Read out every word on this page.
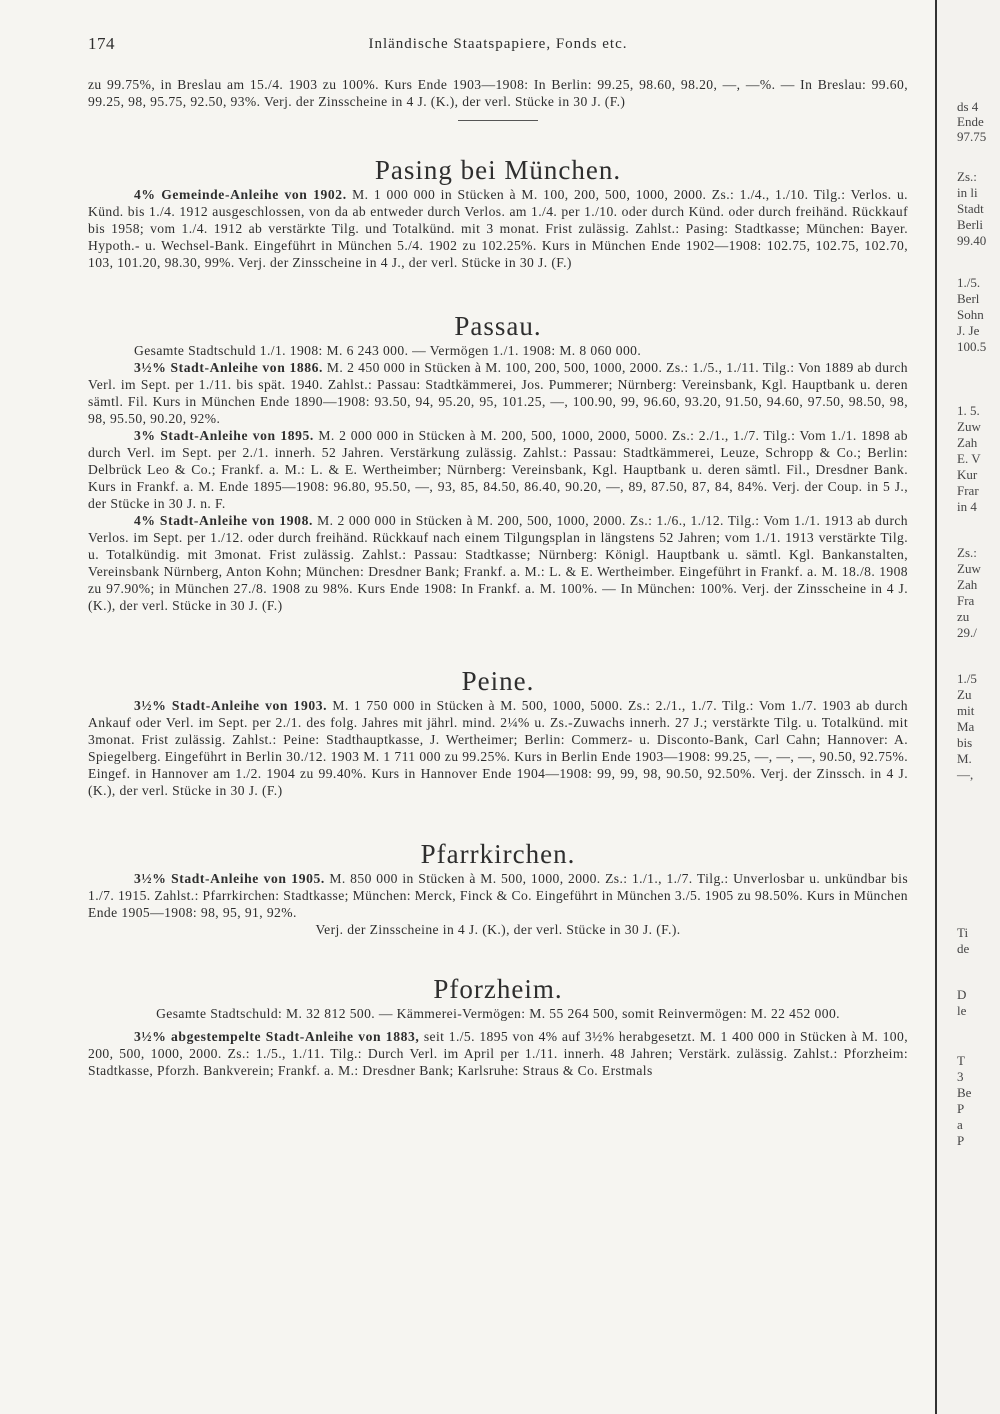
174	Inländische Staatspapiere, Fonds etc.

zu 99.75%, in Breslau am 15./4. 1903 zu 100%. Kurs Ende 1903—1908: In Berlin: 99.25, 98.60, 98.20, —, —%. — In Breslau: 99.60, 99.25, 98, 95.75, 92.50, 93%. Verj. der Zinsscheine in 4 J. (K.), der verl. Stücke in 30 J. (F.)

Pasing bei München.

4% Gemeinde-Anleihe von 1902. M. 1 000 000 in Stücken à M. 100, 200, 500, 1000, 2000. Zs.: 1./4., 1./10. Tilg.: Verlos. u. Künd. bis 1./4. 1912 ausgeschlossen, von da ab entweder durch Verlos. am 1./4. per 1./10. oder durch Künd. oder durch freihänd. Rückkauf bis 1958; vom 1./4. 1912 ab verstärkte Tilg. und Totalkünd. mit 3 monat. Frist zulässig. Zahlst.: Pasing: Stadtkasse; München: Bayer. Hypoth.- u. Wechsel-Bank. Eingeführt in München 5./4. 1902 zu 102.25%. Kurs in München Ende 1902—1908: 102.75, 102.75, 102.70, 103, 101.20, 98.30, 99%. Verj. der Zinsscheine in 4 J., der verl. Stücke in 30 J. (F.)

Passau.

Gesamte Stadtschuld 1./1. 1908: M. 6 243 000. — Vermögen 1./1. 1908: M. 8 060 000.

3½% Stadt-Anleihe von 1886. M. 2 450 000 in Stücken à M. 100, 200, 500, 1000, 2000. Zs.: 1./5., 1./11. Tilg.: Von 1889 ab durch Verl. im Sept. per 1./11. bis spät. 1940. Zahlst.: Passau: Stadtkämmerei, Jos. Pummerer; Nürnberg: Vereinsbank, Kgl. Hauptbank u. deren sämtl. Fil. Kurs in München Ende 1890—1908: 93.50, 94, 95.20, 95, 101.25, —, 100.90, 99, 96.60, 93.20, 91.50, 94.60, 97.50, 98.50, 98, 98, 95.50, 90.20, 92%.

3% Stadt-Anleihe von 1895. M. 2 000 000 in Stücken à M. 200, 500, 1000, 2000, 5000. Zs.: 2./1., 1./7. Tilg.: Vom 1./1. 1898 ab durch Verl. im Sept. per 2./1. innerh. 52 Jahren. Verstärkung zulässig. Zahlst.: Passau: Stadtkämmerei, Leuze, Schropp & Co.; Berlin: Delbrück Leo & Co.; Frankf. a. M.: L. & E. Wertheimber; Nürnberg: Vereinsbank, Kgl. Hauptbank u. deren sämtl. Fil., Dresdner Bank. Kurs in Frankf. a. M. Ende 1895—1908: 96.80, 95.50, —, 93, 85, 84.50, 86.40, 90.20, —, 89, 87.50, 87, 84, 84%. Verj. der Coup. in 5 J., der Stücke in 30 J. n. F.

4% Stadt-Anleihe von 1908. M. 2 000 000 in Stücken à M. 200, 500, 1000, 2000. Zs.: 1./6., 1./12. Tilg.: Vom 1./1. 1913 ab durch Verlos. im Sept. per 1./12. oder durch freihänd. Rückkauf nach einem Tilgungsplan in längstens 52 Jahren; vom 1./1. 1913 verstärkte Tilg. u. Totalkündig. mit 3monat. Frist zulässig. Zahlst.: Passau: Stadtkasse; Nürnberg: Königl. Hauptbank u. sämtl. Kgl. Bankanstalten, Vereinsbank Nürnberg, Anton Kohn; München: Dresdner Bank; Frankf. a. M.: L. & E. Wertheimber. Eingeführt in Frankf. a. M. 18./8. 1908 zu 97.90%; in München 27./8. 1908 zu 98%. Kurs Ende 1908: In Frankf. a. M. 100%. — In München: 100%. Verj. der Zinsscheine in 4 J. (K.), der verl. Stücke in 30 J. (F.)

Peine.

3½% Stadt-Anleihe von 1903. M. 1 750 000 in Stücken à M. 500, 1000, 5000. Zs.: 2./1., 1./7. Tilg.: Vom 1./7. 1903 ab durch Ankauf oder Verl. im Sept. per 2./1. des folg. Jahres mit jährl. mind. 2¼% u. Zs.-Zuwachs innerh. 27 J.; verstärkte Tilg. u. Totalkünd. mit 3monat. Frist zulässig. Zahlst.: Peine: Stadthauptkasse, J. Wertheimer; Berlin: Commerz- u. Disconto-Bank, Carl Cahn; Hannover: A. Spiegelberg. Eingeführt in Berlin 30./12. 1903 M. 1 711 000 zu 99.25%. Kurs in Berlin Ende 1903—1908: 99.25, —, —, —, 90.50, 92.75%. Eingef. in Hannover am 1./2. 1904 zu 99.40%. Kurs in Hannover Ende 1904—1908: 99, 99, 98, 90.50, 92.50%. Verj. der Zinssch. in 4 J. (K.), der verl. Stücke in 30 J. (F.)

Pfarrkirchen.

3½% Stadt-Anleihe von 1905. M. 850 000 in Stücken à M. 500, 1000, 2000. Zs.: 1./1., 1./7. Tilg.: Unverlosbar u. unkündbar bis 1./7. 1915. Zahlst.: Pfarrkirchen: Stadtkasse; München: Merck, Finck & Co. Eingeführt in München 3./5. 1905 zu 98.50%. Kurs in München Ende 1905—1908: 98, 95, 91, 92%.

Verj. der Zinsscheine in 4 J. (K.), der verl. Stücke in 30 J. (F.).

Pforzheim.

Gesamte Stadtschuld: M. 32 812 500. — Kämmerei-Vermögen: M. 55 264 500, somit Reinvermögen: M. 22 452 000.

3½% abgestempelte Stadt-Anleihe von 1883, seit 1./5. 1895 von 4% auf 3½% herabgesetzt. M. 1 400 000 in Stücken à M. 100, 200, 500, 1000, 2000. Zs.: 1./5., 1./11. Tilg.: Durch Verl. im April per 1./11. innerh. 48 Jahren; Verstärk. zulässig. Zahlst.: Pforzheim: Stadtkasse, Pforzh. Bankverein; Frankf. a. M.: Dresdner Bank; Karlsruhe: Straus & Co. Erstmals

ds 4
Ende
97.75
Zs.:
in li
Stadt
Berli
99.40
1./5.
Berl
Sohn
J. Je
100.5
1. 5.
Zuw
Zah
E. V
Kur
Frar
in 4
Zs.:
Zuw
Zah
Fra
zu
29./
1./5
Zu
mit
Ma
bis
M.
—,
Ti
de
D
le
T
3
Be
P
a
P
